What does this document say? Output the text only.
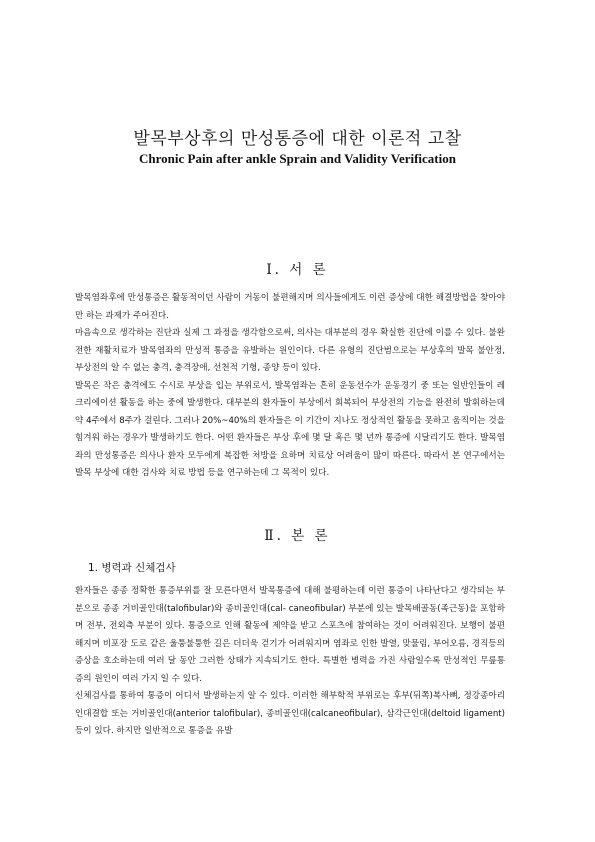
발목부상후의 만성통증에 대한 이론적 고찰
Chronic Pain after ankle Sprain and Validity Verification
Ⅰ. 서 론

발목염좌후에 만성통증은 활동적이던 사람이 거동이 불편해지며 의사들에게도 이런 증상에 대한 해결방법을 찾아야만 하는 과제가 주어진다.

마음속으로 생각하는 진단과 실제 그 과정을 생각함으로써, 의사는 대부분의 경우 확실한 진단에 이를 수 있다. 불완전한 재활치료가 발목염좌의 만성적 통증을 유발하는 원인이다. 다른 유형의 진단범으로는 부상후의 발목 불안정, 부상전의 알 수 없는 충격, 충격장애, 선천적 기형, 종양 등이 있다.

발목은 작은 충격에도 수시로 부상을 입는 부위로서, 발목염좌는 흔히 운동선수가 운동경기 중 또는 일반인들이 레크리에이션 활동을 하는 중에 발생한다. 대부분의 환자들이 부상에서 회복되어 부상전의 기능을 완전히 발휘하는데 약 4주에서 8주가 걸린다. 그러나 20%~40%의 환자들은 이 기간이 지나도 정상적인 활동을 못하고 움직이는 것을 힘겨워 하는 경우가 발생하기도 한다. 어떤 환자들은 부상 후에 몇 달 혹은 몇 년까 통증에 시달리기도 한다. 발목염좌의 만성통증은 의사나 환자 모두에게 복잡한 처방을 요하며 치료상 어려움이 많이 따른다. 따라서 본 연구에서는 발목 부상에 대한 검사와 치료 방법 등을 연구하는데 그 목적이 있다.

Ⅱ. 본 론
1. 병력과 신체검사

환자들은 종종 정확한 통증부위를 잘 모른다면서 발목통증에 대해 불평하는데 이런 통증이 나타난다고 생각되는 부분으로 종종 거비골인대(talofibular)와 종비골인대(cal- caneofibular) 부분에 있는 발목배골동(족근동)을 포함하며 전부, 전외측 부분이 있다. 통증으로 인해 활동에 제약을 받고 스포츠에 참여하는 것이 어려워진다. 보행이 불편해지며 비포장 도로 같은 울퉁불퉁한 길은 더더욱 걷기가 어려워지며 염좌로 인한 발열, 맞물림, 부어오름, 경직등의 증상을 호소하는데 여러 달 동안 그러한 상태가 지속되기도 한다. 특별한 병력을 가진 사람일수록 만성적인 무릎통증의 원인이 여러 가지 일 수 있다.

신체검사를 통하여 통증이 어디서 발생하는지 알 수 있다. 이러한 해부학적 부위로는 후부(뒤쪽)복사뼈, 정강종아리 인대결합 또는 거비골인대(anterior talofibular), 종비골인대(calcaneofibular), 삼각근인대(deltoid ligament) 등이 있다. 하지만 일반적으로 통증을 유발
